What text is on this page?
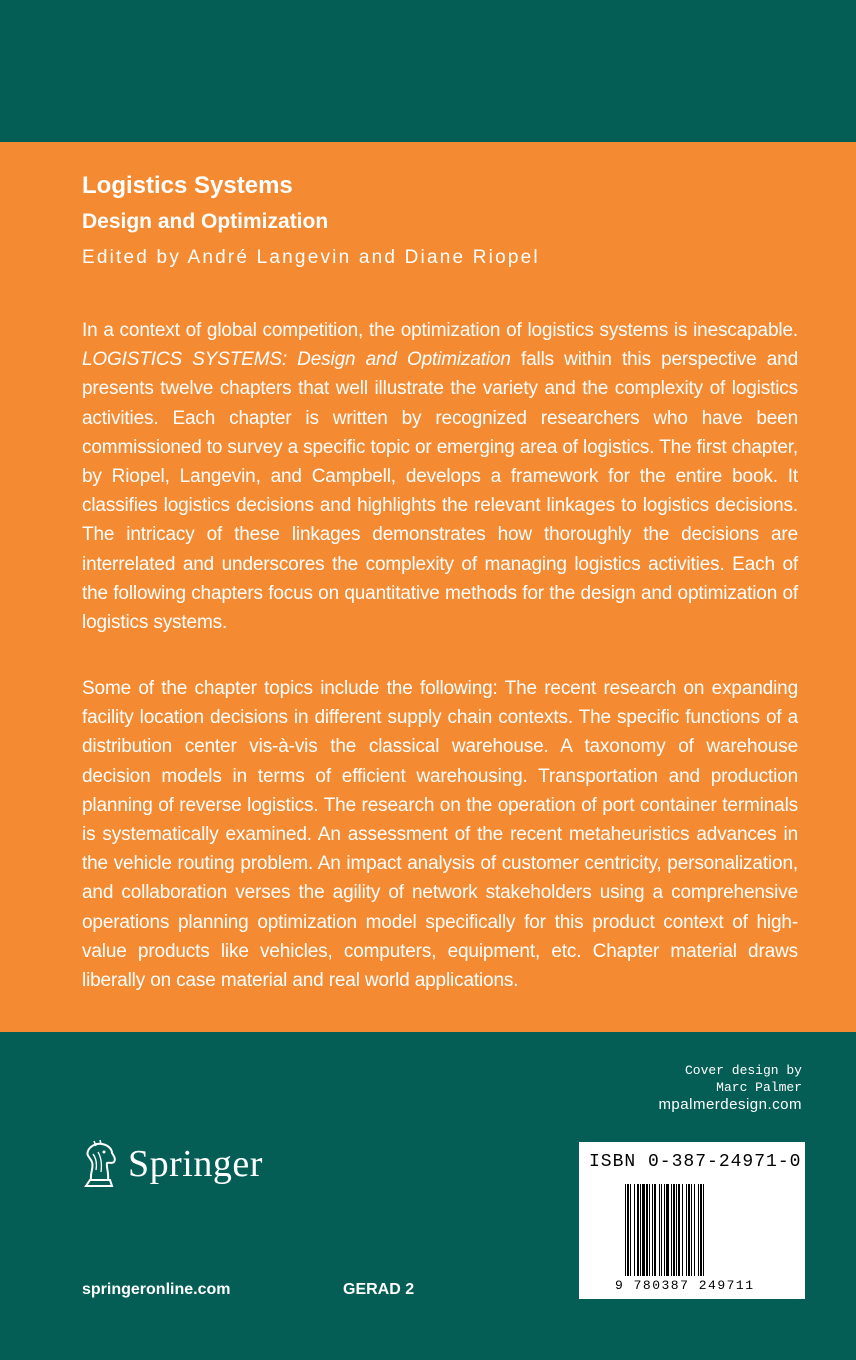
Logistics Systems
Design and Optimization

Edited by André Langevin and Diane Riopel

In a context of global competition, the optimization of logistics systems is inescapable. LOGISTICS SYSTEMS: Design and Optimization falls within this perspective and presents twelve chapters that well illustrate the variety and the complexity of logistics activities. Each chapter is written by recognized researchers who have been commissioned to survey a specific topic or emerging area of logistics. The first chapter, by Riopel, Langevin, and Campbell, develops a framework for the entire book. It classifies logistics decisions and highlights the relevant linkages to logistics decisions. The intricacy of these linkages demonstrates how thoroughly the decisions are interrelated and underscores the complexity of managing logistics activities. Each of the following chapters focus on quantitative methods for the design and optimization of logistics systems.

Some of the chapter topics include the following: The recent research on expanding facility location decisions in different supply chain contexts. The specific functions of a distribution center vis-à-vis the classical warehouse. A taxonomy of warehouse decision models in terms of efficient warehousing. Transportation and production planning of reverse logistics. The research on the operation of port container terminals is systematically examined. An assessment of the recent metaheuristics advances in the vehicle routing problem. An impact analysis of customer centricity, personalization, and collaboration verses the agility of network stakeholders using a comprehensive operations planning optimization model specifically for this product context of high-value products like vehicles, computers, equipment, etc. Chapter material draws liberally on case material and real world applications.

Cover design by
Marc Palmer
mpalmerdesign.com
Springer
springeronline.com	GERAD 2
ISBN 0-387-24971-0
9 780387 249711
